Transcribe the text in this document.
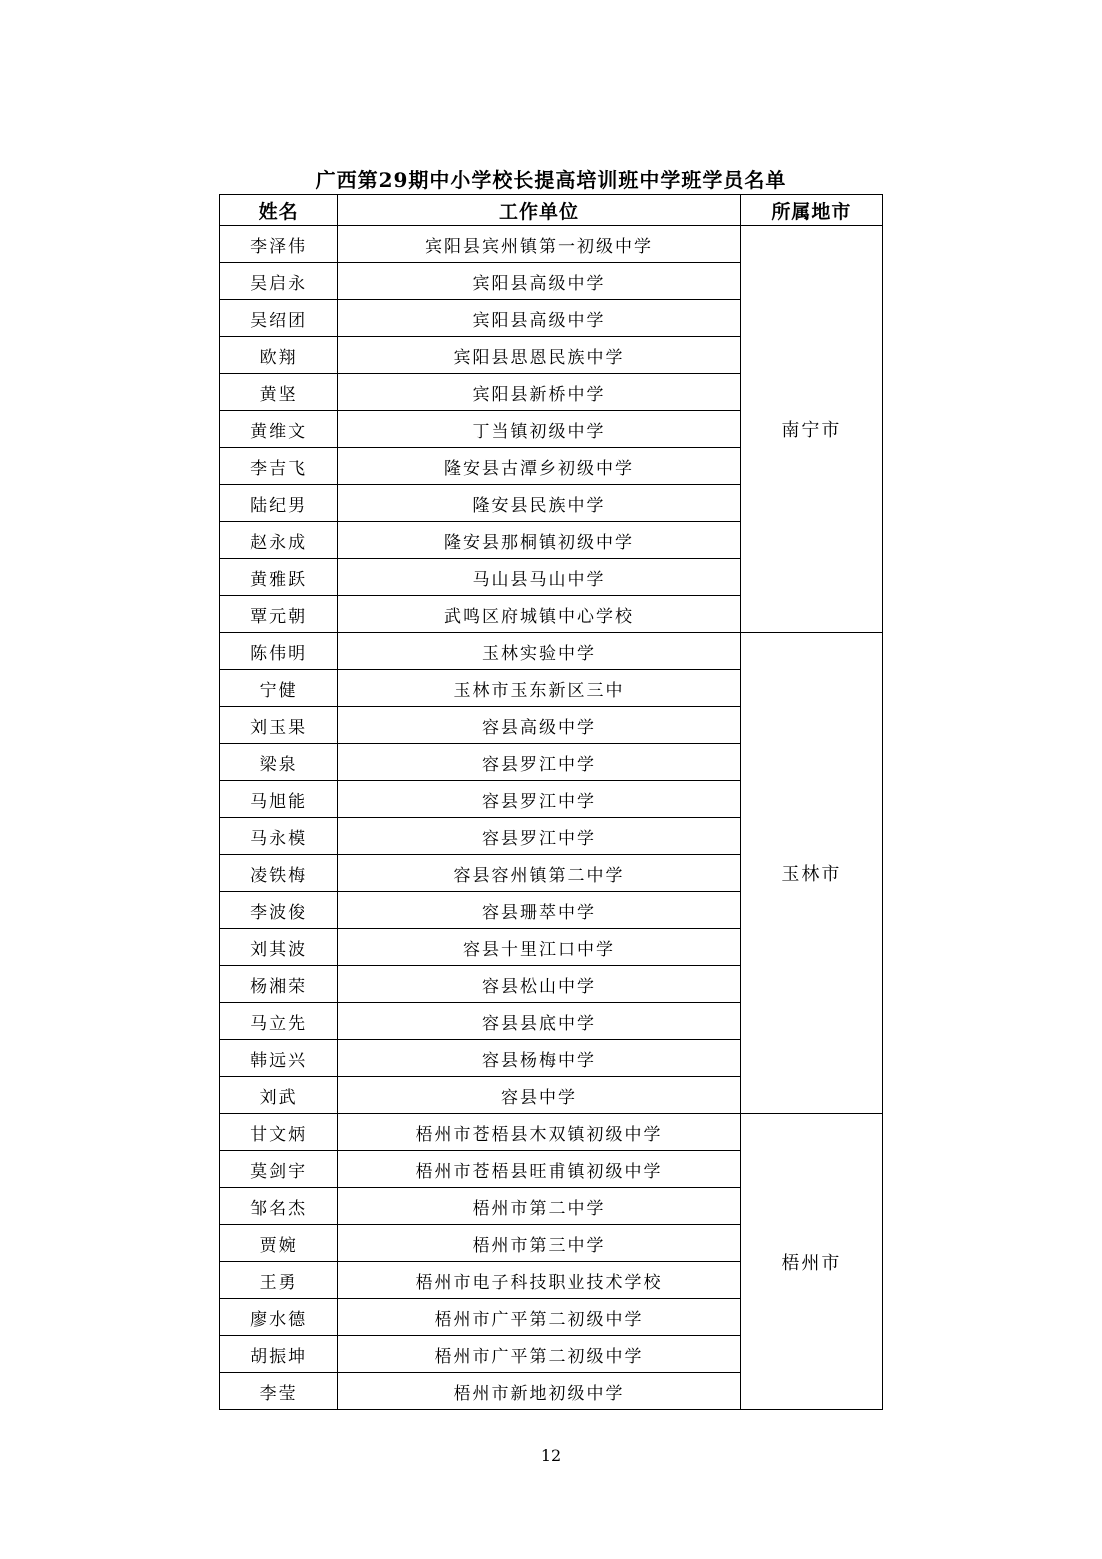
广西第29期中小学校长提高培训班中学班学员名单
姓名	工作单位	所属地市
李泽伟	宾阳县宾州镇第一初级中学	南宁市
吴启永	宾阳县高级中学	
吴绍团	宾阳县高级中学	
欧翔	宾阳县思恩民族中学	
黄坚	宾阳县新桥中学	
黄维文	丁当镇初级中学	
李吉飞	隆安县古潭乡初级中学	
陆纪男	隆安县民族中学	
赵永成	隆安县那桐镇初级中学	
黄雅跃	马山县马山中学	
覃元朝	武鸣区府城镇中心学校	
陈伟明	玉林实验中学	玉林市
宁健	玉林市玉东新区三中	
刘玉果	容县高级中学	
梁泉	容县罗江中学	
马旭能	容县罗江中学	
马永模	容县罗江中学	
凌铁梅	容县容州镇第二中学	
李波俊	容县珊萃中学	
刘其波	容县十里江口中学	
杨湘荣	容县松山中学	
马立先	容县县底中学	
韩远兴	容县杨梅中学	
刘武	容县中学	
甘文炳	梧州市苍梧县木双镇初级中学	梧州市
莫剑宇	梧州市苍梧县旺甫镇初级中学	
邹名杰	梧州市第二中学	
贾婉	梧州市第三中学	
王勇	梧州市电子科技职业技术学校	
廖水德	梧州市广平第二初级中学	
胡振坤	梧州市广平第二初级中学	
李莹	梧州市新地初级中学	
12
